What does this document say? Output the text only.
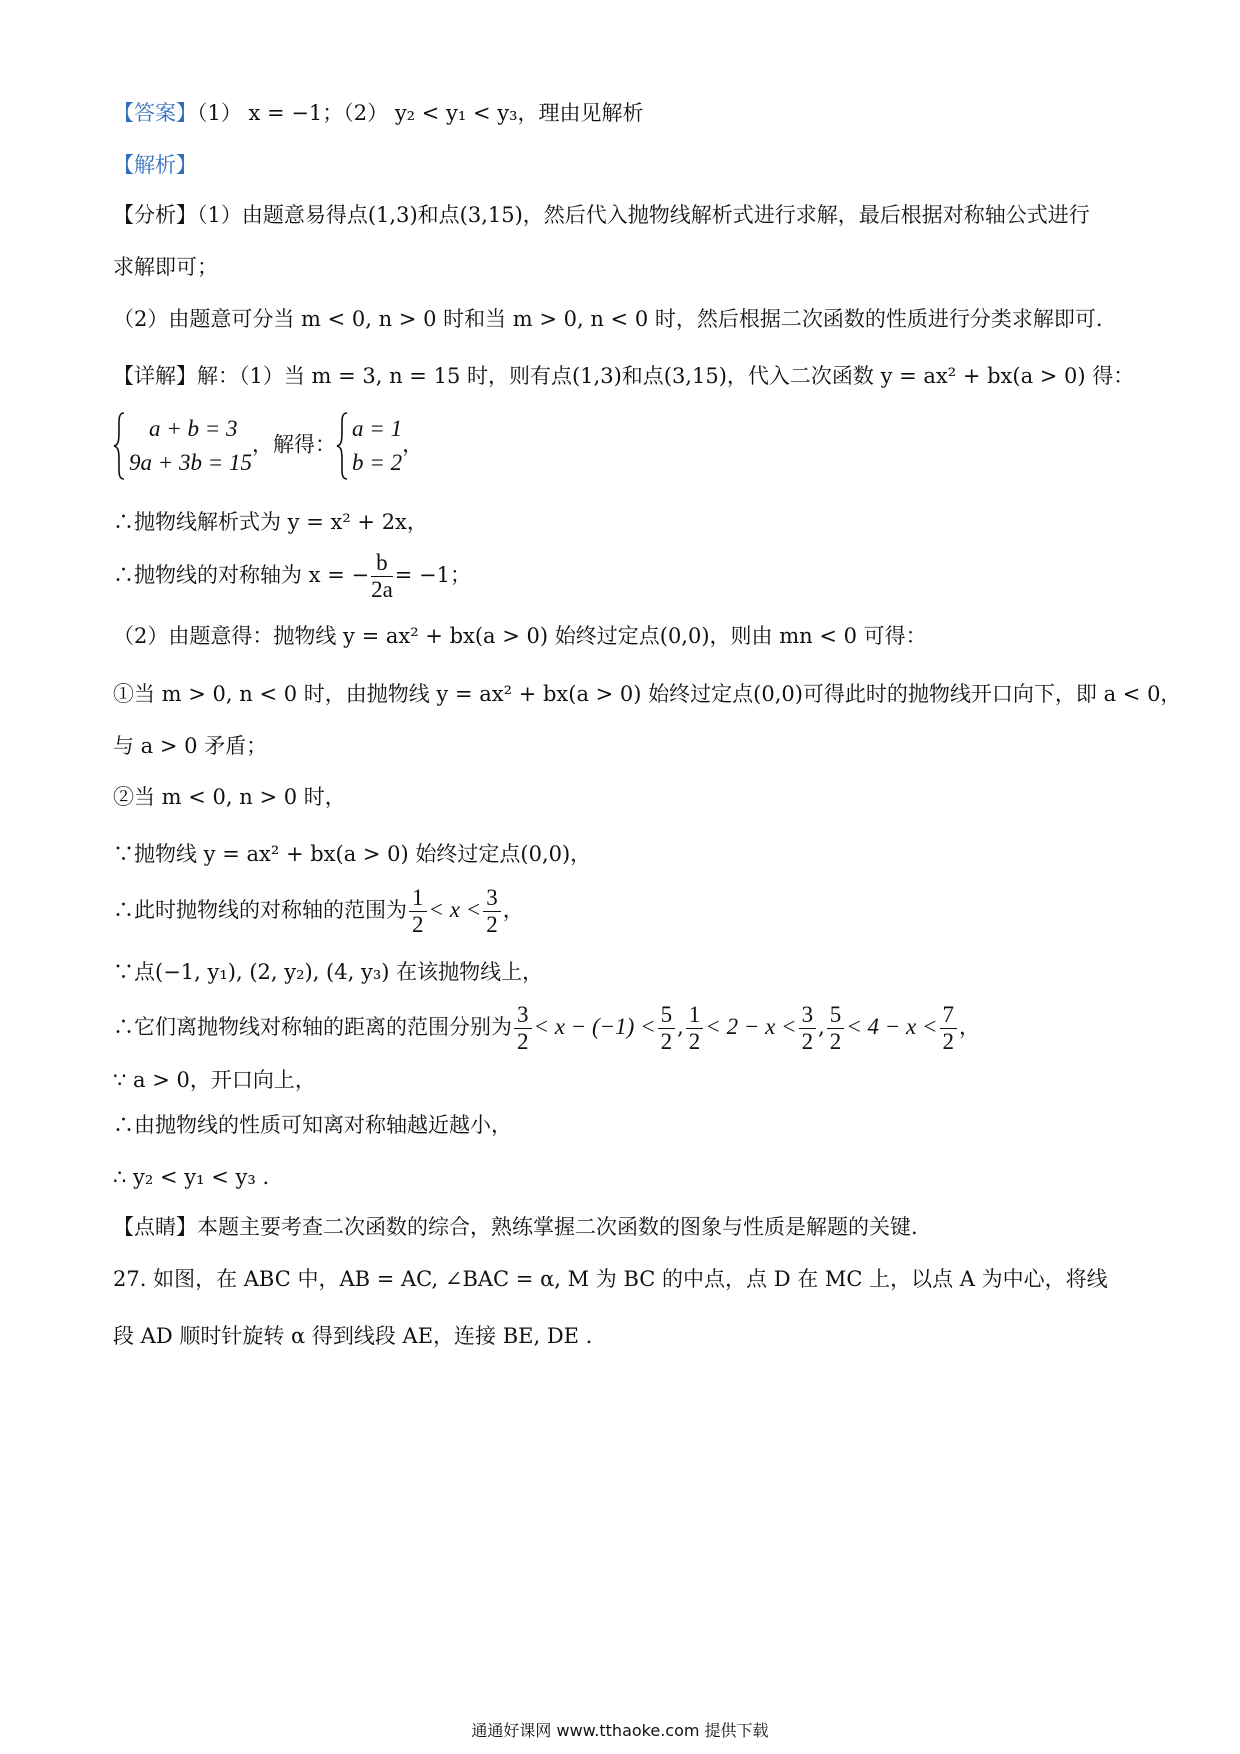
【答案】（1） x = −1；（2） y₂ < y₁ < y₃，理由见解析
【解析】
【分析】（1）由题意易得点(1,3)和点(3,15)，然后代入抛物线解析式进行求解，最后根据对称轴公式进行
求解即可；
（2）由题意可分当 m < 0, n > 0 时和当 m > 0, n < 0 时，然后根据二次函数的性质进行分类求解即可.
【详解】解：（1）当 m = 3, n = 15 时，则有点(1,3)和点(3,15)，代入二次函数 y = ax² + bx(a > 0) 得：
a + b = 3
9a + 3b = 15
，解得：
a = 1
b = 2
，
∴抛物线解析式为 y = x² + 2x，
∴抛物线的对称轴为 x = − $\frac{b}{2a} = -1$；
（2）由题意得：抛物线 y = ax² + bx(a > 0) 始终过定点(0,0)，则由 mn < 0 可得：
①当 m > 0, n < 0 时，由抛物线 y = ax² + bx(a > 0) 始终过定点(0,0)可得此时的抛物线开口向下，即 a < 0，
与 a > 0 矛盾；
②当 m < 0, n > 0 时，
∵抛物线 y = ax² + bx(a > 0) 始终过定点(0,0)，
∴此时抛物线的对称轴的范围为 $\frac{1}{2} < x < \frac{3}{2}$ ，
∵点(−1, y₁), (2, y₂), (4, y₃) 在该抛物线上，
∴它们离抛物线对称轴的距离的范围分别为 $\frac{3}{2} < x - (-1) < \frac{5}{2}$ , $\frac{1}{2} < 2 - x < \frac{3}{2}$ , $\frac{5}{2} < 4 - x < \frac{7}{2}$ ，
∵ a > 0，开口向上，
∴由抛物线的性质可知离对称轴越近越小，
∴ y₂ < y₁ < y₃ .
【点睛】本题主要考查二次函数的综合，熟练掌握二次函数的图象与性质是解题的关键.
27. 如图，在 ABC 中，AB = AC, ∠BAC = α, M 为 BC 的中点，点 D 在 MC 上，以点 A 为中心，将线
段 AD 顺时针旋转 α 得到线段 AE，连接 BE, DE .
通通好课网 www.tthaoke.com 提供下载
